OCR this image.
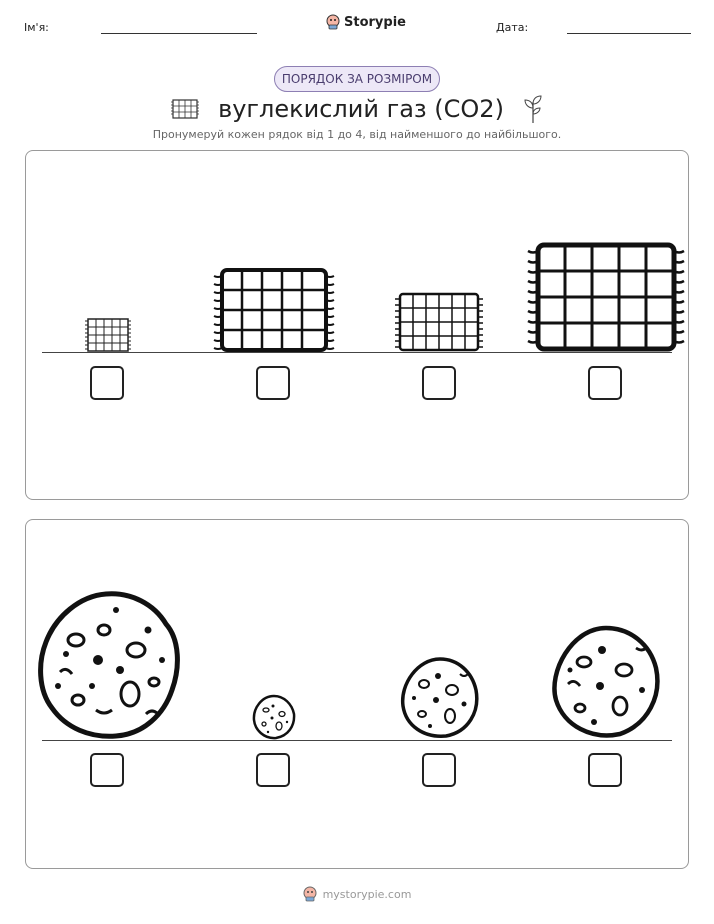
Ім'я:	Storypie	Дата:
ПОРЯДОК ЗА РОЗМІРОМ
вуглекислий газ (CO2)
Пронумеруй кожен рядок від 1 до 4, від найменшого до найбільшого.
mystorypie.com
